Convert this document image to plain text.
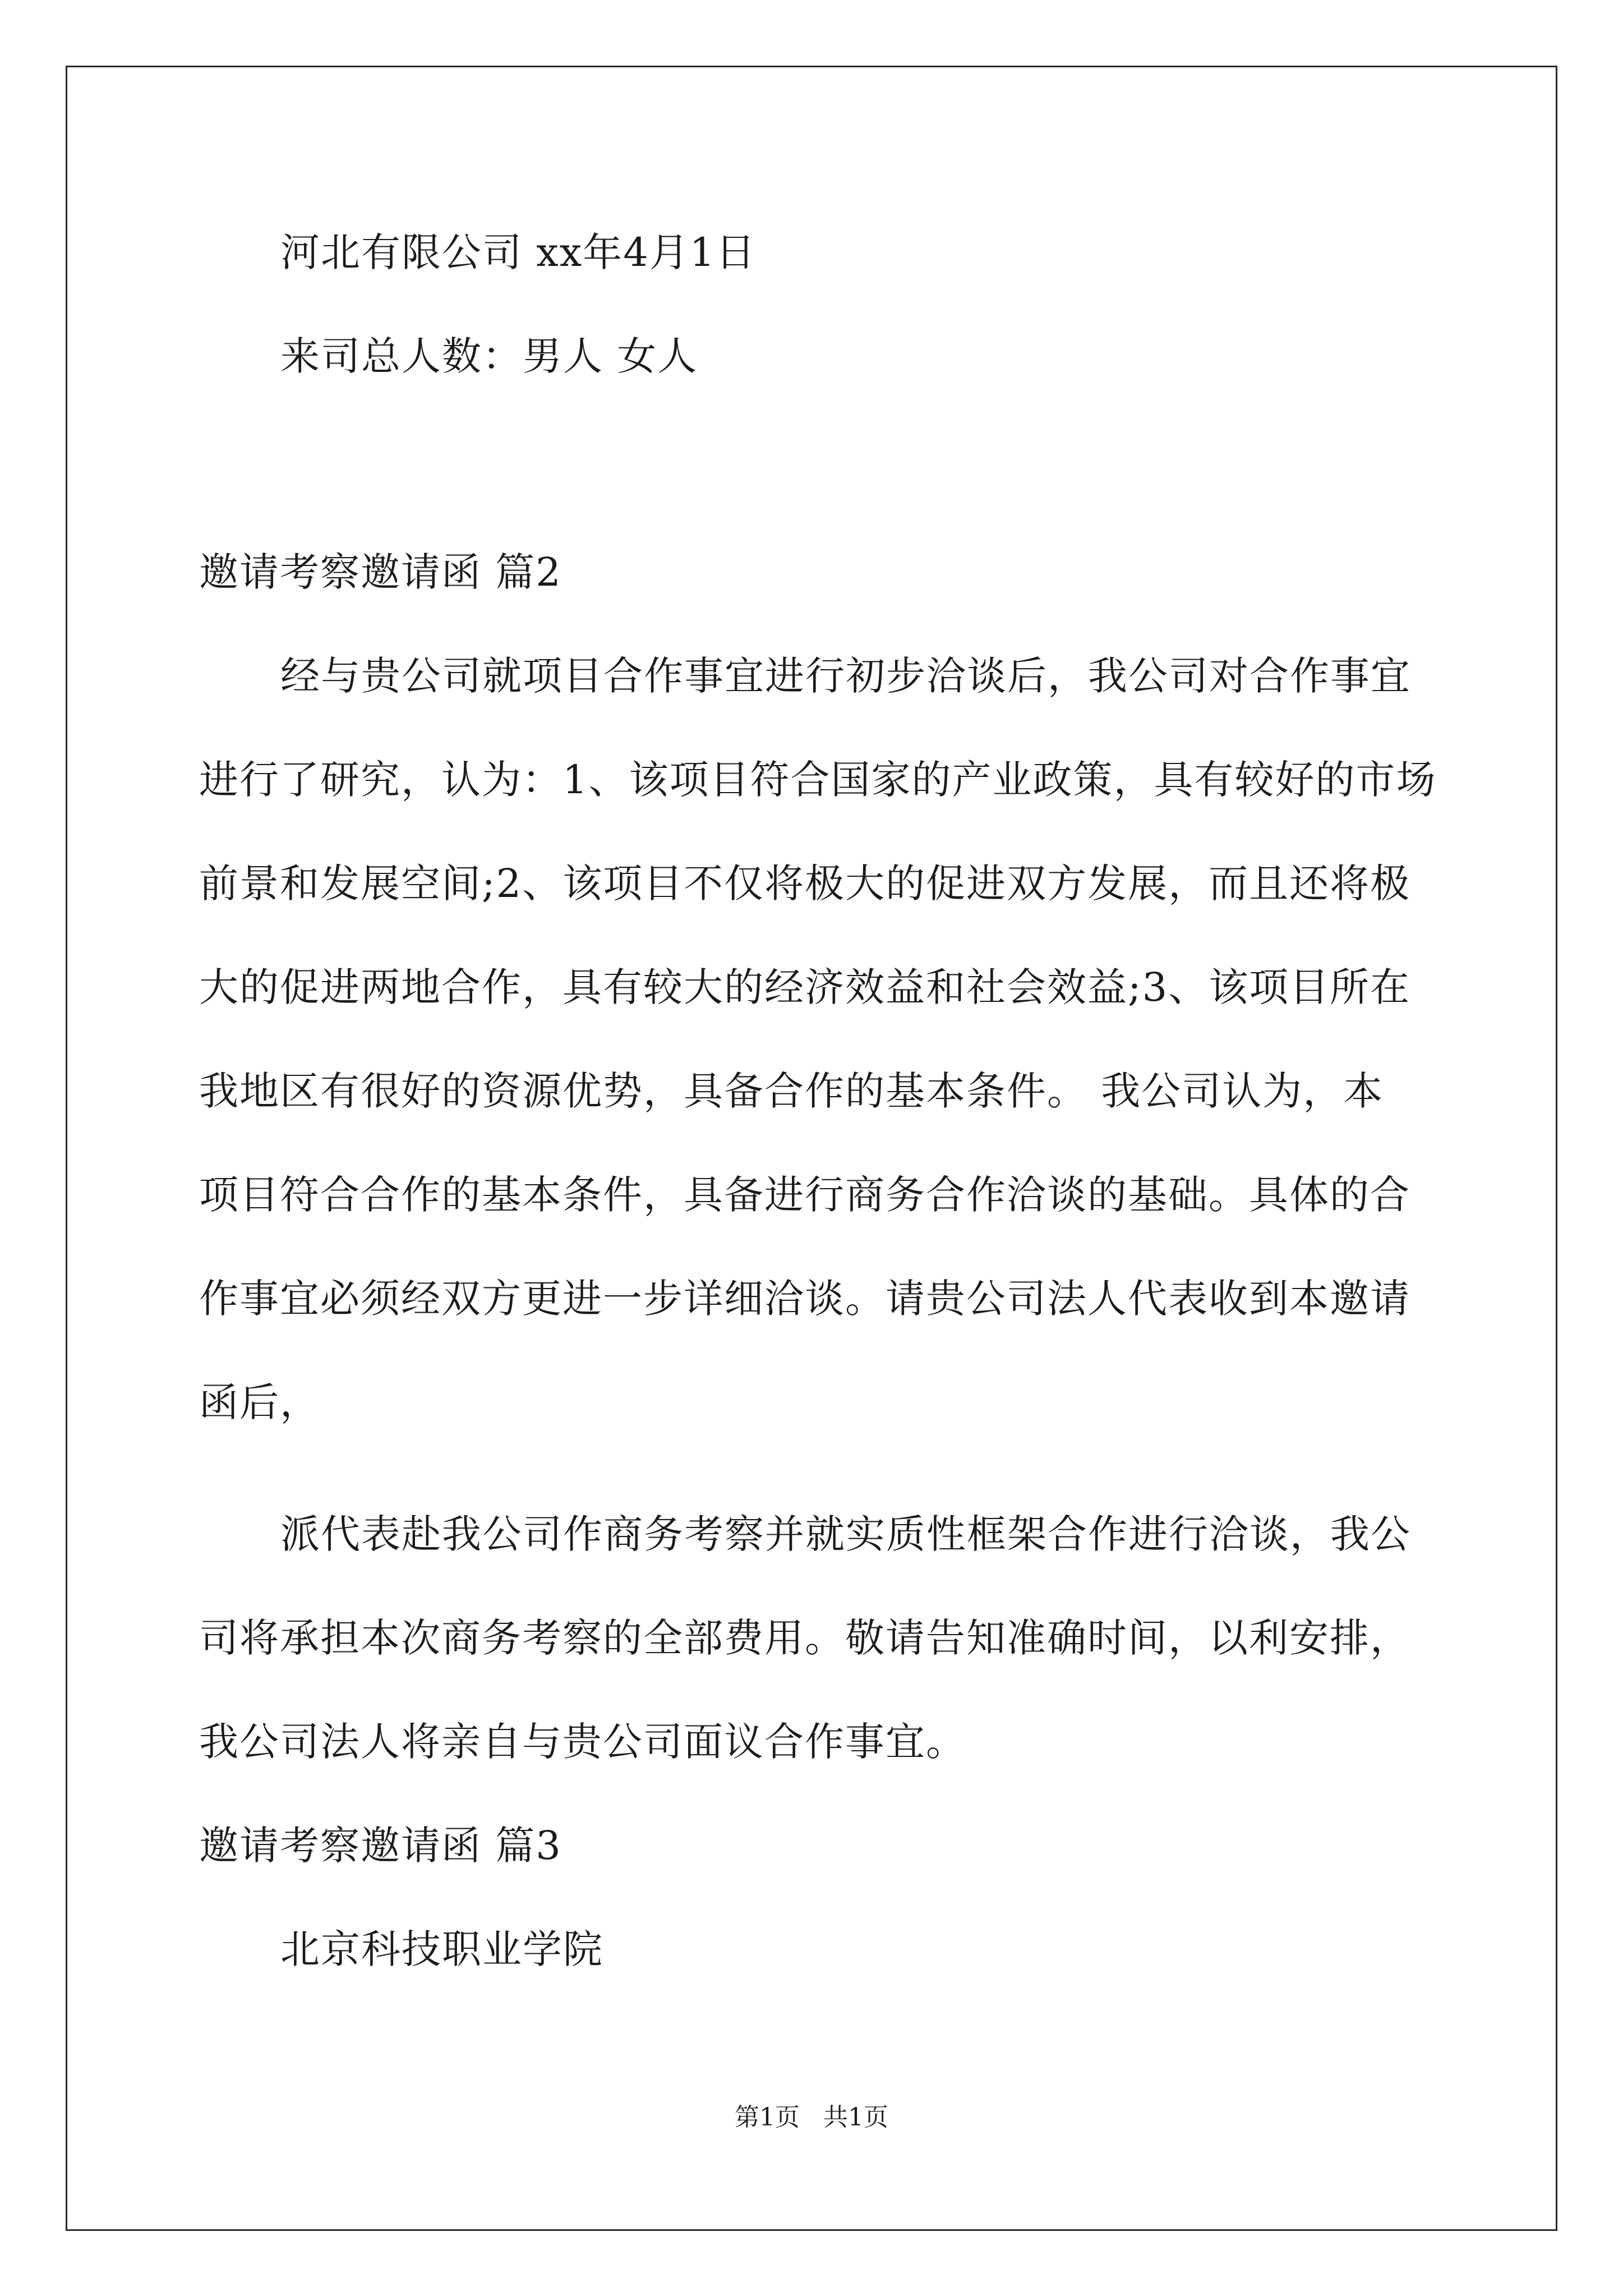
河北有限公司 xx年4月1日
来司总人数：男人 女人
邀请考察邀请函 篇2
经与贵公司就项目合作事宜进行初步洽谈后，我公司对合作事宜
进行了研究，认为：1、该项目符合国家的产业政策，具有较好的市场
前景和发展空间;2、该项目不仅将极大的促进双方发展，而且还将极
大的促进两地合作，具有较大的经济效益和社会效益;3、该项目所在
我地区有很好的资源优势，具备合作的基本条件。 我公司认为，本
项目符合合作的基本条件，具备进行商务合作洽谈的基础。具体的合
作事宜必须经双方更进一步详细洽谈。请贵公司法人代表收到本邀请
函后，
派代表赴我公司作商务考察并就实质性框架合作进行洽谈，我公
司将承担本次商务考察的全部费用。敬请告知准确时间，以利安排，
我公司法人将亲自与贵公司面议合作事宜。
邀请考察邀请函 篇3
北京科技职业学院
第1页   共1页
